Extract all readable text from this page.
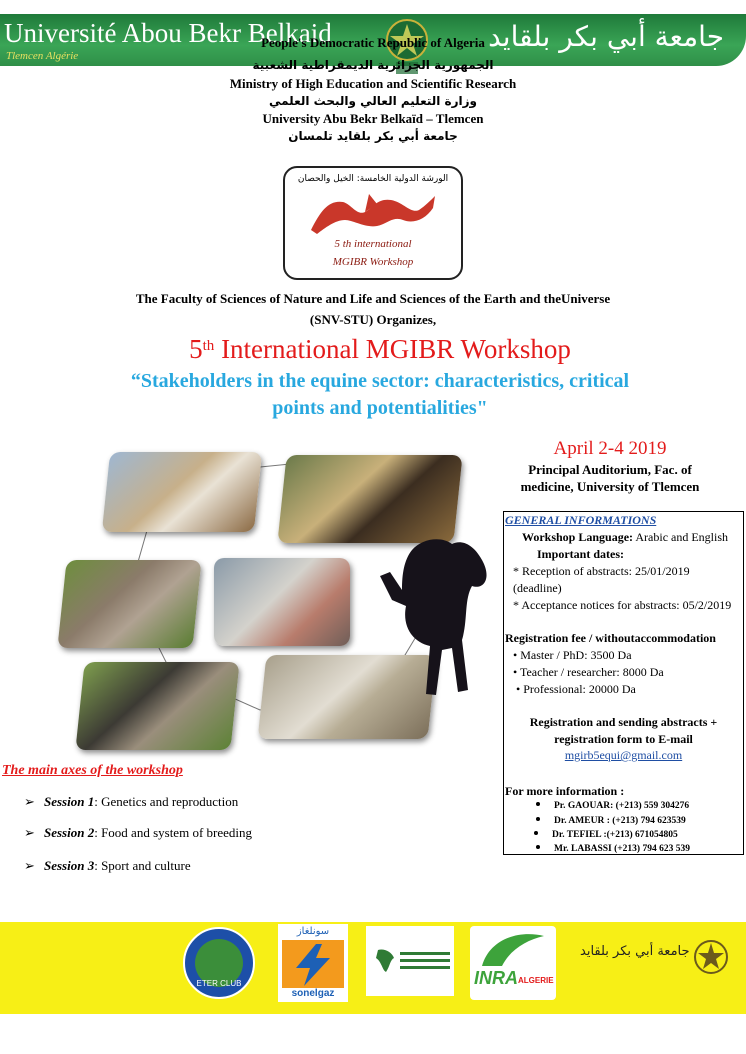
Université Abou Bekr Belkaid
Tlemcen Algérie
جامعة أبي بكر بلقايد
People's Democratic Republic of Algeria
الجمهورية الجزائرية الديمقراطية الشعبية
Ministry of High Education and Scientific Research
وزارة التعليم العالي والبحث العلمي
University Abu Bekr Belkaïd – Tlemcen
جامعة أبي بكر بلقايد تلمسان
الورشة الدولية الخامسة: الخيل والحصان
5 th international
MGIBR Workshop
The Faculty of Sciences of Nature and Life and Sciences of the Earth and theUniverse
(SNV-STU) Organizes,
5th International MGIBR Workshop
“Stakeholders in the equine sector: characteristics, critical
points and potentialities"
April 2-4 2019
Principal Auditorium, Fac. of
medicine, University of Tlemcen
GENERAL INFORMATIONS
Workshop Language: Arabic and English
Important dates:
* Reception of abstracts: 25/01/2019
(deadline)
* Acceptance notices for abstracts: 05/2/2019
Registration fee / withoutaccommodation
• Master / PhD: 3500 Da
• Teacher / researcher: 8000 Da
• Professional: 20000 Da
Registration and sending abstracts +
registration form to E-mail
mgirb5equi@gmail.com
For more information :
Pr. GAOUAR: (+213) 559 304276
Dr. AMEUR : (+213) 794 623539
Dr. TEFIEL :(+213) 671054805
Mr. LABASSI (+213) 794 623 539
The main axes of the workshop
➢ Session 1: Genetics and reproduction
➢ Session 2: Food and system of breeding
➢ Session 3: Sport and culture
ETER CLUB
سونلغاز
sonelgaz
INRA ALGERIE
جامعة أبي بكر بلقايد
